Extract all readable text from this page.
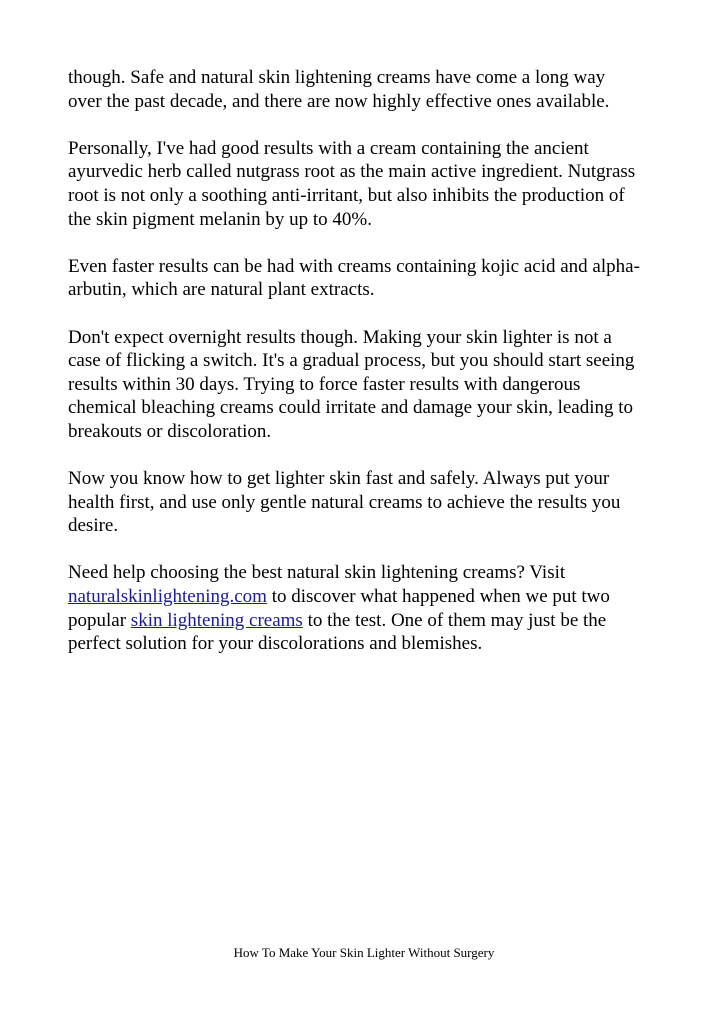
though. Safe and natural skin lightening creams have come a long way
over the past decade, and there are now highly effective ones available.

Personally, I've had good results with a cream containing the ancient
ayurvedic herb called nutgrass root as the main active ingredient. Nutgrass
root is not only a soothing anti-irritant, but also inhibits the production of
the skin pigment melanin by up to 40%.

Even faster results can be had with creams containing kojic acid and alpha-
arbutin, which are natural plant extracts.

Don't expect overnight results though. Making your skin lighter is not a
case of flicking a switch. It's a gradual process, but you should start seeing
results within 30 days. Trying to force faster results with dangerous
chemical bleaching creams could irritate and damage your skin, leading to
breakouts or discoloration.

Now you know how to get lighter skin fast and safely. Always put your
health first, and use only gentle natural creams to achieve the results you
desire.

Need help choosing the best natural skin lightening creams? Visit
naturalskinlightening.com to discover what happened when we put two
popular skin lightening creams to the test. One of them may just be the
perfect solution for your discolorations and blemishes.

How To Make Your Skin Lighter Without Surgery
